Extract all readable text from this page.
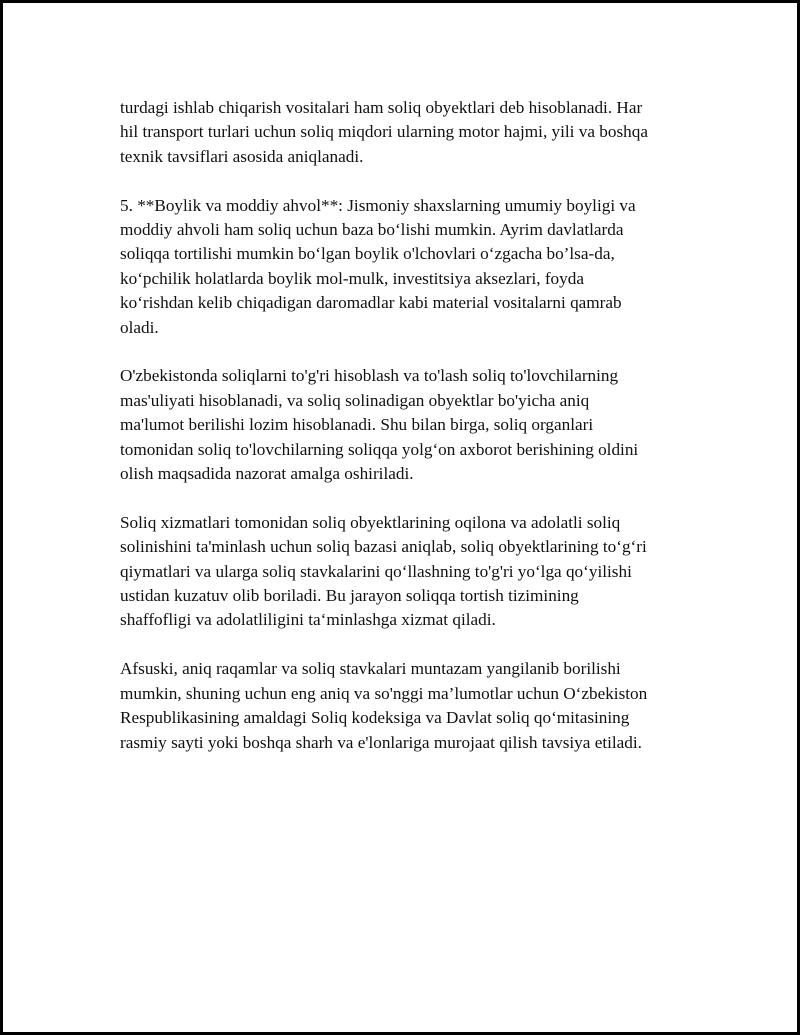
turdagi ishlab chiqarish vositalari ham soliq obyektlari deb hisoblanadi. Har
hil transport turlari uchun soliq miqdori ularning motor hajmi, yili va boshqa
texnik tavsiflari asosida aniqlanadi.

5. **Boylik va moddiy ahvol**: Jismoniy shaxslarning umumiy boyligi va
moddiy ahvoli ham soliq uchun baza bo‘lishi mumkin. Ayrim davlatlarda
soliqqa tortilishi mumkin bo‘lgan boylik o'lchovlari o‘zgacha bo’lsa-da,
ko‘pchilik holatlarda boylik mol-mulk, investitsiya aksezlari, foyda
ko‘rishdan kelib chiqadigan daromadlar kabi material vositalarni qamrab
oladi.

O'zbekistonda soliqlarni to'g'ri hisoblash va to'lash soliq to'lovchilarning
mas'uliyati hisoblanadi, va soliq solinadigan obyektlar bo'yicha aniq
ma'lumot berilishi lozim hisoblanadi. Shu bilan birga, soliq organlari
tomonidan soliq to'lovchilarning soliqqa yolg‘on axborot berishining oldini
olish maqsadida nazorat amalga oshiriladi.

Soliq xizmatlari tomonidan soliq obyektlarining oqilona va adolatli soliq
solinishini ta'minlash uchun soliq bazasi aniqlab, soliq obyektlarining to‘g‘ri
qiymatlari va ularga soliq stavkalarini qo‘llashning to'g'ri yo‘lga qo‘yilishi
ustidan kuzatuv olib boriladi. Bu jarayon soliqqa tortish tizimining
shaffofligi va adolatliligini ta‘minlashga xizmat qiladi.

Afsuski, aniq raqamlar va soliq stavkalari muntazam yangilanib borilishi
mumkin, shuning uchun eng aniq va so'nggi ma’lumotlar uchun O‘zbekiston
Respublikasining amaldagi Soliq kodeksiga va Davlat soliq qo‘mitasining
rasmiy sayti yoki boshqa sharh va e'lonlariga murojaat qilish tavsiya etiladi.
